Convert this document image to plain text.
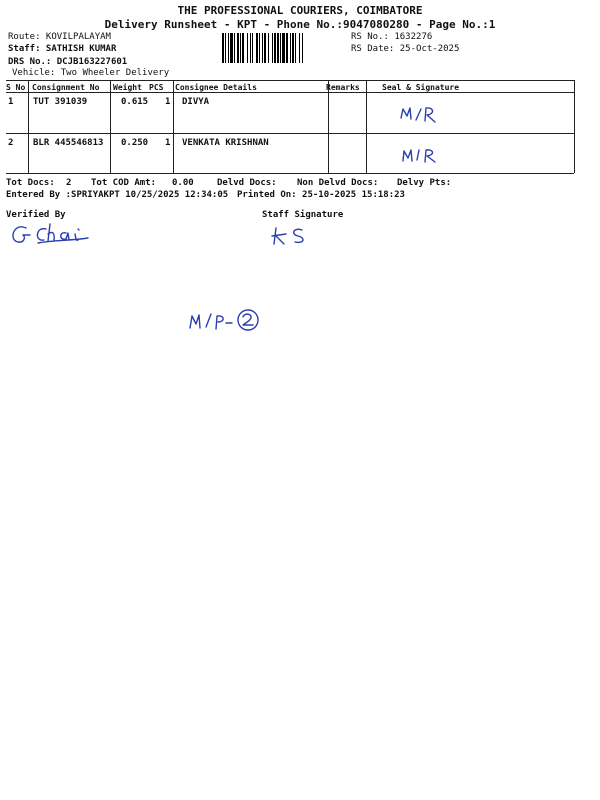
THE PROFESSIONAL COURIERS, COIMBATORE
Delivery Runsheet - KPT - Phone No.:9047080280 - Page No.:1
Route: KOVILPALAYAM
Staff: SATHISH KUMAR
DRS No.: DCJB163227601
Vehicle: Two Wheeler Delivery
RS No.: 1632276
RS Date: 25-Oct-2025
S No Consignment No Weight PCS Consignee Details	Remarks	Seal & Signature
1 TUT 391039	0.615 1 DIVYA
2 BLR 445546813 0.250 1 VENKATA KRISHNAN
Tot Docs: 2 Tot COD Amt: 0.00	Delvd Docs: Non Delvd Docs: Delvy Pts:
Entered By :SPRIYAKPT 10/25/2025 12:34:05 Printed On: 25-10-2025 15:18:23
Verified By	Staff Signature
